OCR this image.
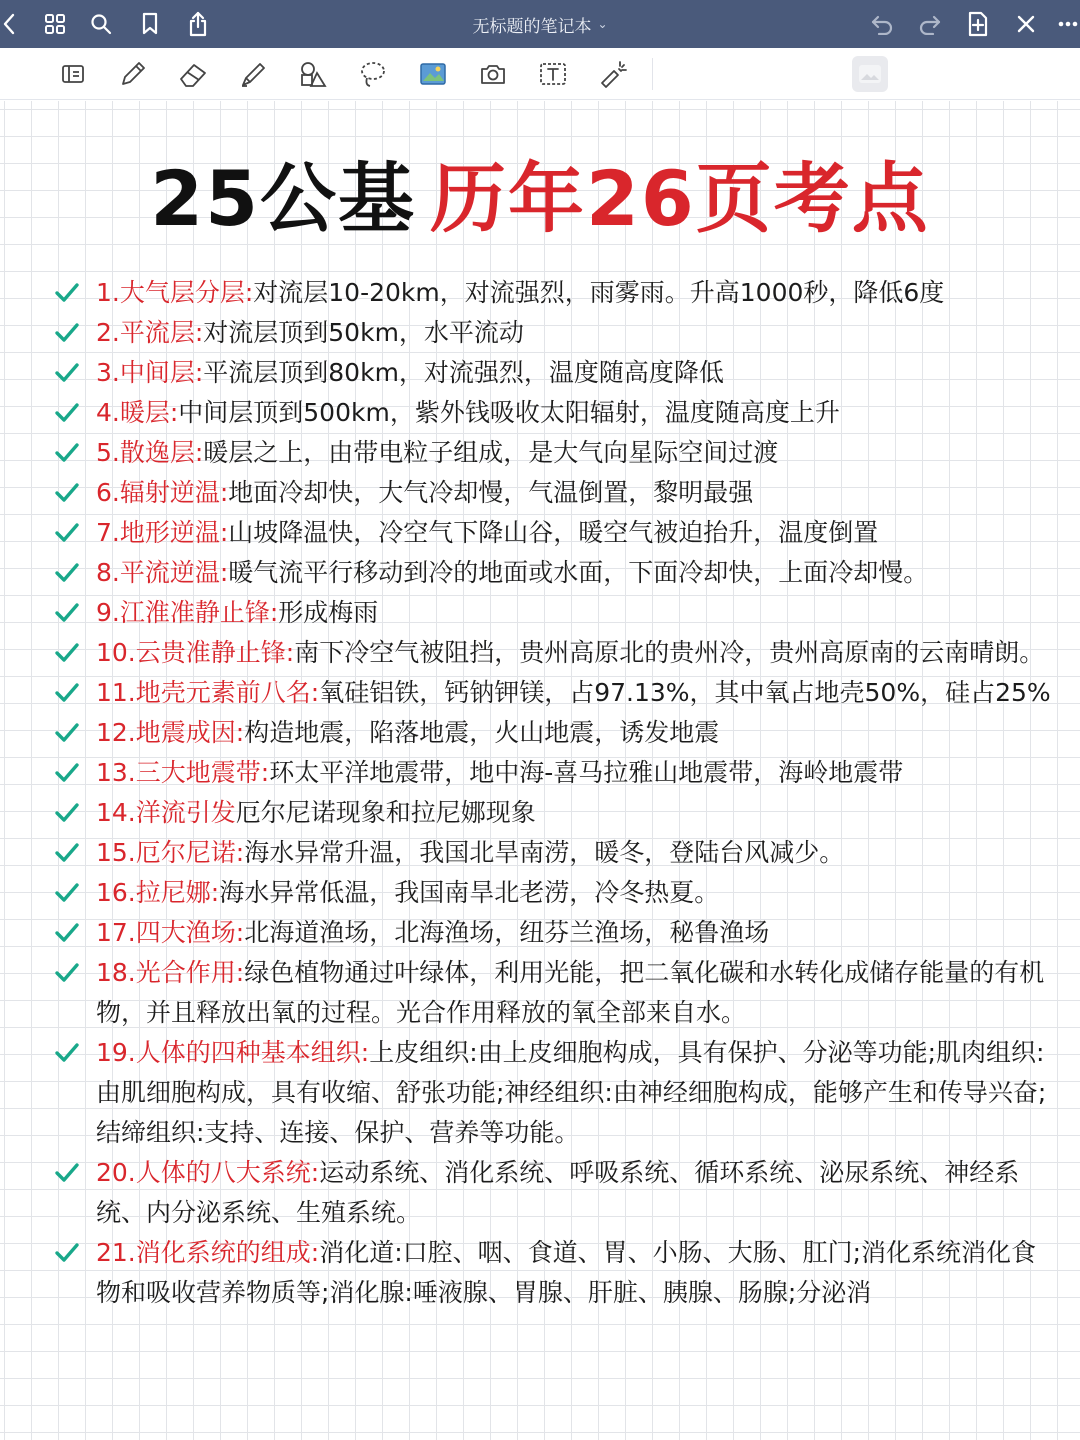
无标题的笔记本 ⌄
25公基 历年26页考点
1.大气层分层:对流层10-20km，对流强烈，雨雾雨。升高1000秒，降低6度
2.平流层:对流层顶到50km，水平流动
3.中间层:平流层顶到80km，对流强烈，温度随高度降低
4.暖层:中间层顶到500km，紫外钱吸收太阳辐射，温度随高度上升
5.散逸层:暖层之上，由带电粒子组成，是大气向星际空间过渡
6.辐射逆温:地面冷却快，大气冷却慢，气温倒置，黎明最强
7.地形逆温:山坡降温快，冷空气下降山谷，暖空气被迫抬升，温度倒置
8.平流逆温:暖气流平行移动到冷的地面或水面，下面冷却快，上面冷却慢。
9.江淮准静止锋:形成梅雨
10.云贵准静止锋:南下冷空气被阻挡，贵州高原北的贵州冷，贵州高原南的云南晴朗。
11.地壳元素前八名:氧硅铝铁，钙钠钾镁，占97.13%，其中氧占地壳50%，硅占25%
12.地震成因:构造地震，陷落地震，火山地震，诱发地震
13.三大地震带:环太平洋地震带，地中海-喜马拉雅山地震带，海岭地震带
14.洋流引发厄尔尼诺现象和拉尼娜现象
15.厄尔尼诺:海水异常升温，我国北旱南涝，暖冬，登陆台风减少。
16.拉尼娜:海水异常低温，我国南旱北老涝，冷冬热夏。
17.四大渔场:北海道渔场，北海渔场，纽芬兰渔场，秘鲁渔场
18.光合作用:绿色植物通过叶绿体，利用光能，把二氧化碳和水转化成储存能量的有机物，并且释放出氧的过程。光合作用释放的氧全部来自水。
19.人体的四种基本组织:上皮组织:由上皮细胞构成，具有保护、分泌等功能;肌肉组织:由肌细胞构成，具有收缩、舒张功能;神经组织:由神经细胞构成，能够产生和传导兴奋;结缔组织:支持、连接、保护、营养等功能。
20.人体的八大系统:运动系统、消化系统、呼吸系统、循环系统、泌尿系统、神经系统、内分泌系统、生殖系统。
21.消化系统的组成:消化道:口腔、咽、食道、胃、小肠、大肠、肛门;消化系统消化食物和吸收营养物质等;消化腺:唾液腺、胃腺、肝脏、胰腺、肠腺;分泌消
